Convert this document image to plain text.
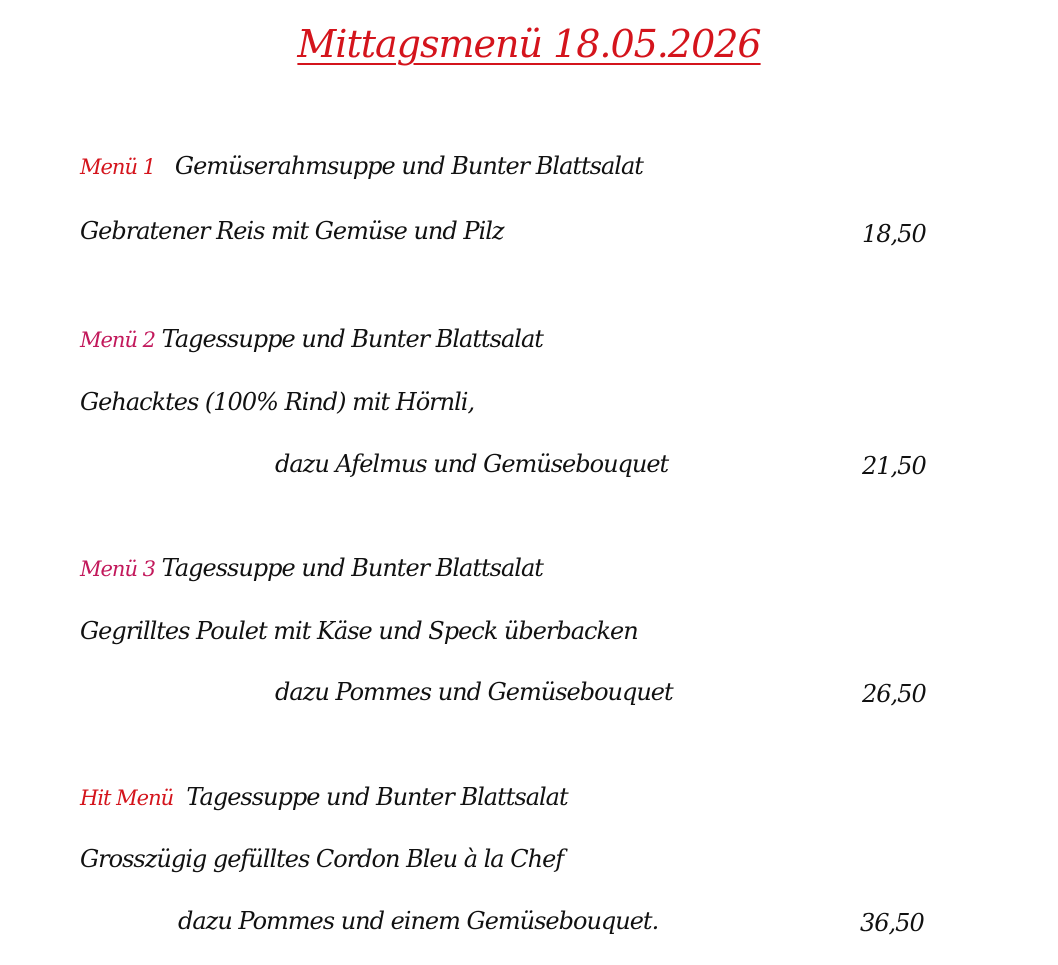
Mittagsmenü 18.05.2026
Menü 1 Gemüserahmsuppe und Bunter Blattsalat
Gebratener Reis mit Gemüse und Pilz	18,50
Menü 2 Tagessuppe und Bunter Blattsalat
Gehacktes (100% Rind) mit Hörnli,
dazu Afelmus und Gemüsebouquet	21,50
Menü 3 Tagessuppe und Bunter Blattsalat
Gegrilltes Poulet mit Käse und Speck überbacken
dazu Pommes und Gemüsebouquet	26,50
Hit Menü Tagessuppe und Bunter Blattsalat
Grosszügig gefülltes Cordon Bleu à la Chef
dazu Pommes und einem Gemüsebouquet.	36,50
